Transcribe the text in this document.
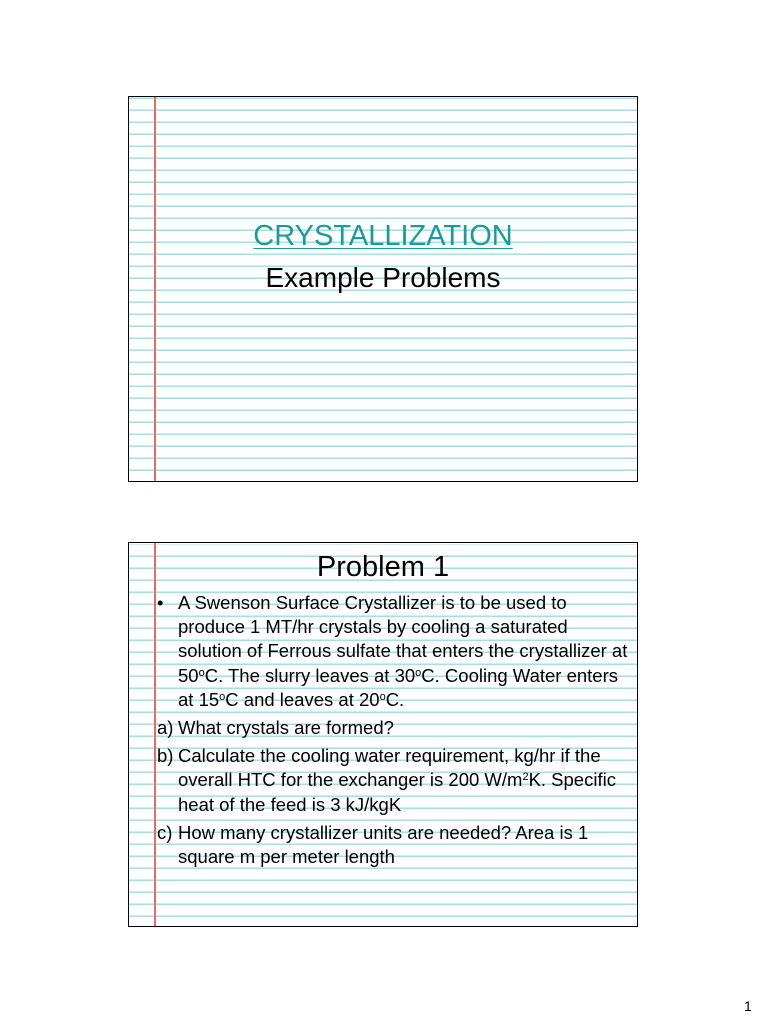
CRYSTALLIZATION
Example Problems
Problem 1
• A Swenson Surface Crystallizer is to be used to produce 1 MT/hr crystals by cooling a saturated solution of Ferrous sulfate that enters the crystallizer at 50$^o$C. The slurry leaves at 30$^o$C. Cooling Water enters at 15$^o$C and leaves at 20$^o$C.
a) What crystals are formed?
b) Calculate the cooling water requirement, kg/hr if the overall HTC for the exchanger is 200 $W/m^2K$. Specific heat of the feed is 3 kJ/kgK
c) How many crystallizer units are needed? Area is 1 square m per meter length
1
